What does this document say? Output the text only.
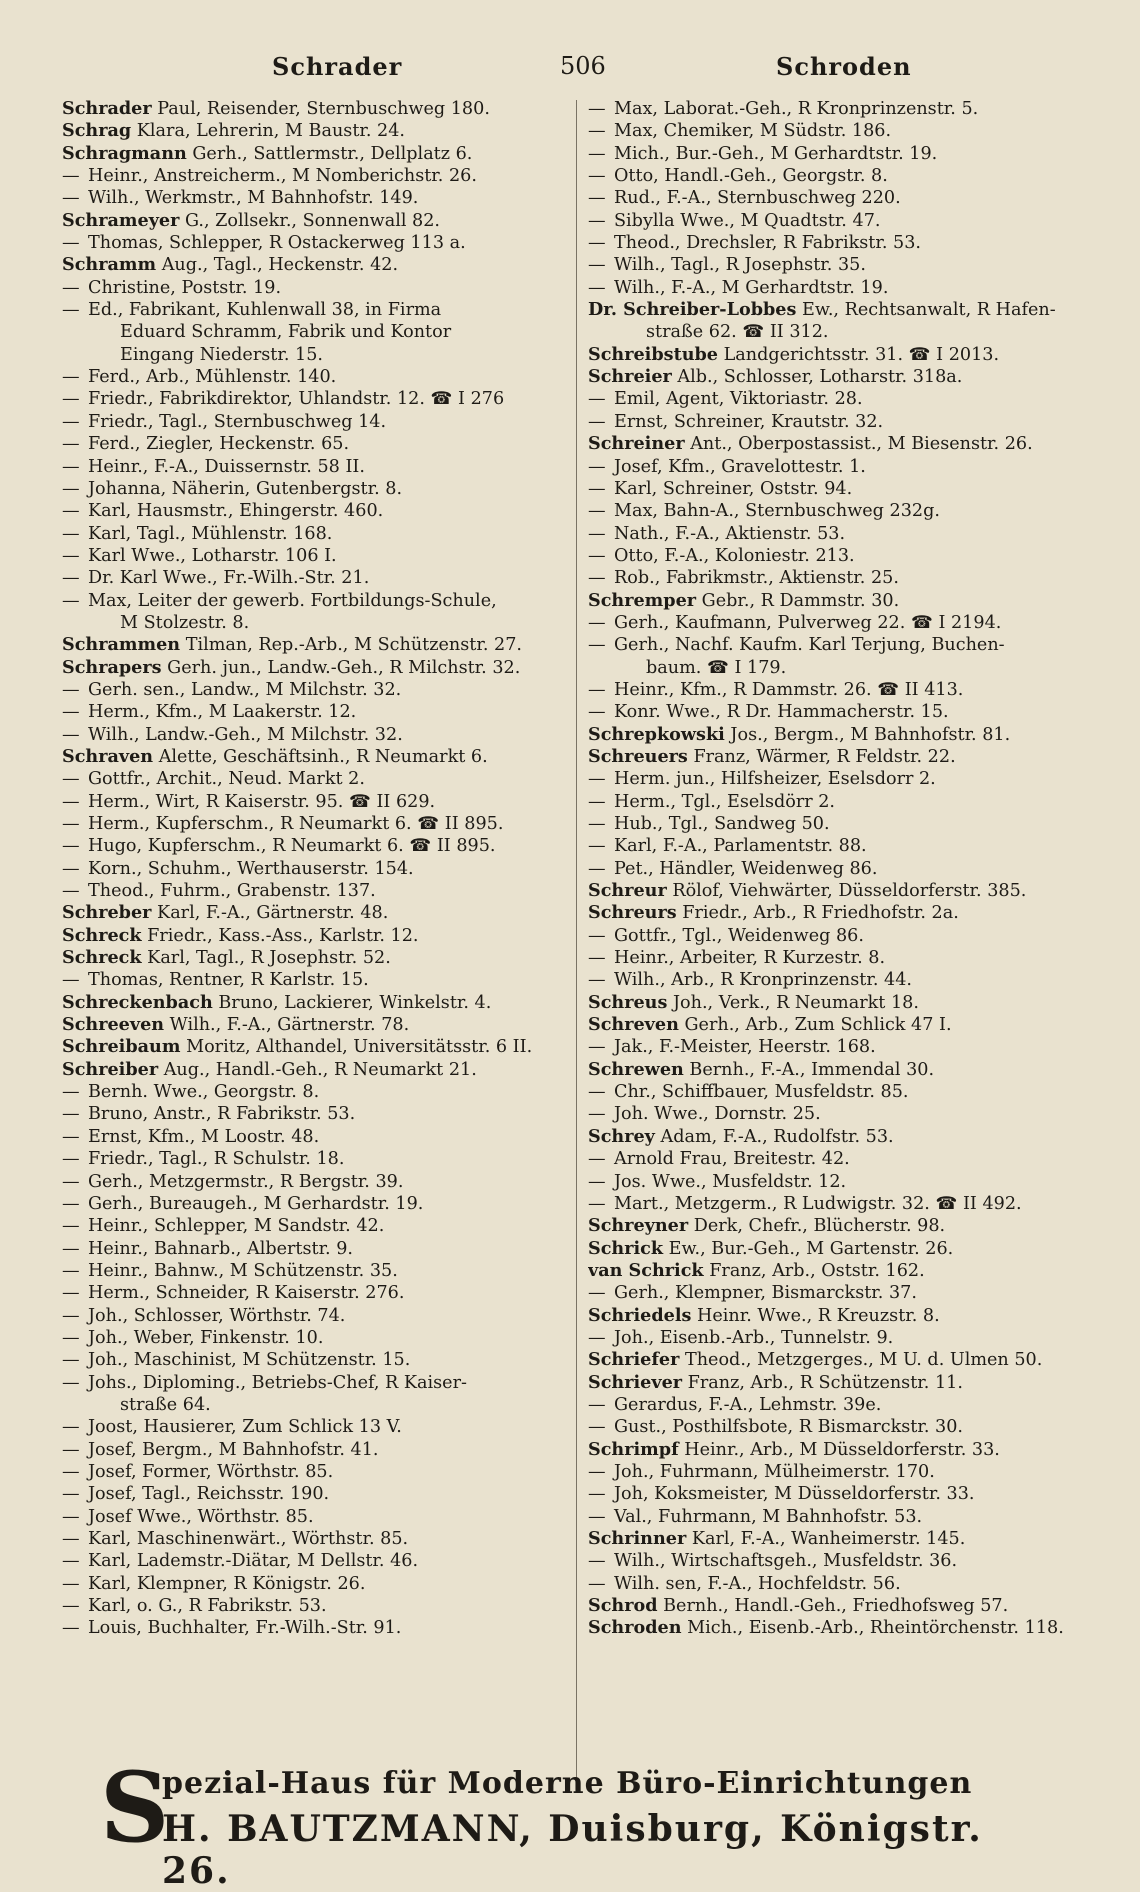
Schrader	506	Schroden
Schrader Paul, Reisender, Sternbuschweg 180.
Schrag Klara, Lehrerin, M Baustr. 24.
Schragmann Gerh., Sattlermstr., Dellplatz 6.
—Heinr., Anstreicherm., M Nomberichstr. 26.
—Wilh., Werkmstr., M Bahnhofstr. 149.
Schrameyer G., Zollsekr., Sonnenwall 82.
—Thomas, Schlepper, R Ostackerweg 113 a.
Schramm Aug., Tagl., Heckenstr. 42.
—Christine, Poststr. 19.
—Ed., Fabrikant, Kuhlenwall 38, in Firma
Eduard Schramm, Fabrik und Kontor
Eingang Niederstr. 15.
—Ferd., Arb., Mühlenstr. 140.
—Friedr., Fabrikdirektor, Uhlandstr. 12. ☎ I 276
—Friedr., Tagl., Sternbuschweg 14.
—Ferd., Ziegler, Heckenstr. 65.
—Heinr., F.-A., Duissernstr. 58 II.
—Johanna, Näherin, Gutenbergstr. 8.
—Karl, Hausmstr., Ehingerstr. 460.
—Karl, Tagl., Mühlenstr. 168.
—Karl Wwe., Lotharstr. 106 I.
—Dr. Karl Wwe., Fr.-Wilh.-Str. 21.
—Max, Leiter der gewerb. Fortbildungs-Schule,
M Stolzestr. 8.
Schrammen Tilman, Rep.-Arb., M Schützenstr. 27.
Schrapers Gerh. jun., Landw.-Geh., R Milchstr. 32.
—Gerh. sen., Landw., M Milchstr. 32.
—Herm., Kfm., M Laakerstr. 12.
—Wilh., Landw.-Geh., M Milchstr. 32.
Schraven Alette, Geschäftsinh., R Neumarkt 6.
—Gottfr., Archit., Neud. Markt 2.
—Herm., Wirt, R Kaiserstr. 95. ☎ II 629.
—Herm., Kupferschm., R Neumarkt 6. ☎ II 895.
—Hugo, Kupferschm., R Neumarkt 6. ☎ II 895.
—Korn., Schuhm., Werthauserstr. 154.
—Theod., Fuhrm., Grabenstr. 137.
Schreber Karl, F.-A., Gärtnerstr. 48.
Schreck Friedr., Kass.-Ass., Karlstr. 12.
Schreck Karl, Tagl., R Josephstr. 52.
—Thomas, Rentner, R Karlstr. 15.
Schreckenbach Bruno, Lackierer, Winkelstr. 4.
Schreeven Wilh., F.-A., Gärtnerstr. 78.
Schreibaum Moritz, Althandel, Universitätsstr. 6 II.
Schreiber Aug., Handl.-Geh., R Neumarkt 21.
—Bernh. Wwe., Georgstr. 8.
—Bruno, Anstr., R Fabrikstr. 53.
—Ernst, Kfm., M Loostr. 48.
—Friedr., Tagl., R Schulstr. 18.
—Gerh., Metzgermstr., R Bergstr. 39.
—Gerh., Bureaugeh., M Gerhardstr. 19.
—Heinr., Schlepper, M Sandstr. 42.
—Heinr., Bahnarb., Albertstr. 9.
—Heinr., Bahnw., M Schützenstr. 35.
—Herm., Schneider, R Kaiserstr. 276.
—Joh., Schlosser, Wörthstr. 74.
—Joh., Weber, Finkenstr. 10.
—Joh., Maschinist, M Schützenstr. 15.
—Johs., Diploming., Betriebs-Chef, R Kaiser-
straße 64.
—Joost, Hausierer, Zum Schlick 13 V.
—Josef, Bergm., M Bahnhofstr. 41.
—Josef, Former, Wörthstr. 85.
—Josef, Tagl., Reichsstr. 190.
—Josef Wwe., Wörthstr. 85.
—Karl, Maschinenwärt., Wörthstr. 85.
—Karl, Lademstr.-Diätar, M Dellstr. 46.
—Karl, Klempner, R Königstr. 26.
—Karl, o. G., R Fabrikstr. 53.
—Louis, Buchhalter, Fr.-Wilh.-Str. 91.
—Max, Laborat.-Geh., R Kronprinzenstr. 5.
—Max, Chemiker, M Südstr. 186.
—Mich., Bur.-Geh., M Gerhardtstr. 19.
—Otto, Handl.-Geh., Georgstr. 8.
—Rud., F.-A., Sternbuschweg 220.
—Sibylla Wwe., M Quadtstr. 47.
—Theod., Drechsler, R Fabrikstr. 53.
—Wilh., Tagl., R Josephstr. 35.
—Wilh., F.-A., M Gerhardtstr. 19.
Dr. Schreiber-Lobbes Ew., Rechtsanwalt, R Hafen-
straße 62. ☎ II 312.
Schreibstube Landgerichtsstr. 31. ☎ I 2013.
Schreier Alb., Schlosser, Lotharstr. 318a.
—Emil, Agent, Viktoriastr. 28.
—Ernst, Schreiner, Krautstr. 32.
Schreiner Ant., Oberpostassist., M Biesenstr. 26.
—Josef, Kfm., Gravelottestr. 1.
—Karl, Schreiner, Oststr. 94.
—Max, Bahn-A., Sternbuschweg 232g.
—Nath., F.-A., Aktienstr. 53.
—Otto, F.-A., Koloniestr. 213.
—Rob., Fabrikmstr., Aktienstr. 25.
Schremper Gebr., R Dammstr. 30.
—Gerh., Kaufmann, Pulverweg 22. ☎ I 2194.
—Gerh., Nachf. Kaufm. Karl Terjung, Buchen-
baum. ☎ I 179.
—Heinr., Kfm., R Dammstr. 26. ☎ II 413.
—Konr. Wwe., R Dr. Hammacherstr. 15.
Schrepkowski Jos., Bergm., M Bahnhofstr. 81.
Schreuers Franz, Wärmer, R Feldstr. 22.
—Herm. jun., Hilfsheizer, Eselsdorr 2.
—Herm., Tgl., Eselsdörr 2.
—Hub., Tgl., Sandweg 50.
—Karl, F.-A., Parlamentstr. 88.
—Pet., Händler, Weidenweg 86.
Schreur Rölof, Viehwärter, Düsseldorferstr. 385.
Schreurs Friedr., Arb., R Friedhofstr. 2a.
—Gottfr., Tgl., Weidenweg 86.
—Heinr., Arbeiter, R Kurzestr. 8.
—Wilh., Arb., R Kronprinzenstr. 44.
Schreus Joh., Verk., R Neumarkt 18.
Schreven Gerh., Arb., Zum Schlick 47 I.
—Jak., F.-Meister, Heerstr. 168.
Schrewen Bernh., F.-A., Immendal 30.
—Chr., Schiffbauer, Musfeldstr. 85.
—Joh. Wwe., Dornstr. 25.
Schrey Adam, F.-A., Rudolfstr. 53.
—Arnold Frau, Breitestr. 42.
—Jos. Wwe., Musfeldstr. 12.
—Mart., Metzgerm., R Ludwigstr. 32. ☎ II 492.
Schreyner Derk, Chefr., Blücherstr. 98.
Schrick Ew., Bur.-Geh., M Gartenstr. 26.
van Schrick Franz, Arb., Oststr. 162.
—Gerh., Klempner, Bismarckstr. 37.
Schriedels Heinr. Wwe., R Kreuzstr. 8.
—Joh., Eisenb.-Arb., Tunnelstr. 9.
Schriefer Theod., Metzgerges., M U. d. Ulmen 50.
Schriever Franz, Arb., R Schützenstr. 11.
—Gerardus, F.-A., Lehmstr. 39e.
—Gust., Posthilfsbote, R Bismarckstr. 30.
Schrimpf Heinr., Arb., M Düsseldorferstr. 33.
—Joh., Fuhrmann, Mülheimerstr. 170.
—Joh, Koksmeister, M Düsseldorferstr. 33.
—Val., Fuhrmann, M Bahnhofstr. 53.
Schrinner Karl, F.-A., Wanheimerstr. 145.
—Wilh., Wirtschaftsgeh., Musfeldstr. 36.
—Wilh. sen, F.-A., Hochfeldstr. 56.
Schrod Bernh., Handl.-Geh., Friedhofsweg 57.
Schroden Mich., Eisenb.-Arb., Rheintörchenstr. 118.
S
pezial-Haus für Moderne Büro-Einrichtungen
H. BAUTZMANN, Duisburg, Königstr. 26.
